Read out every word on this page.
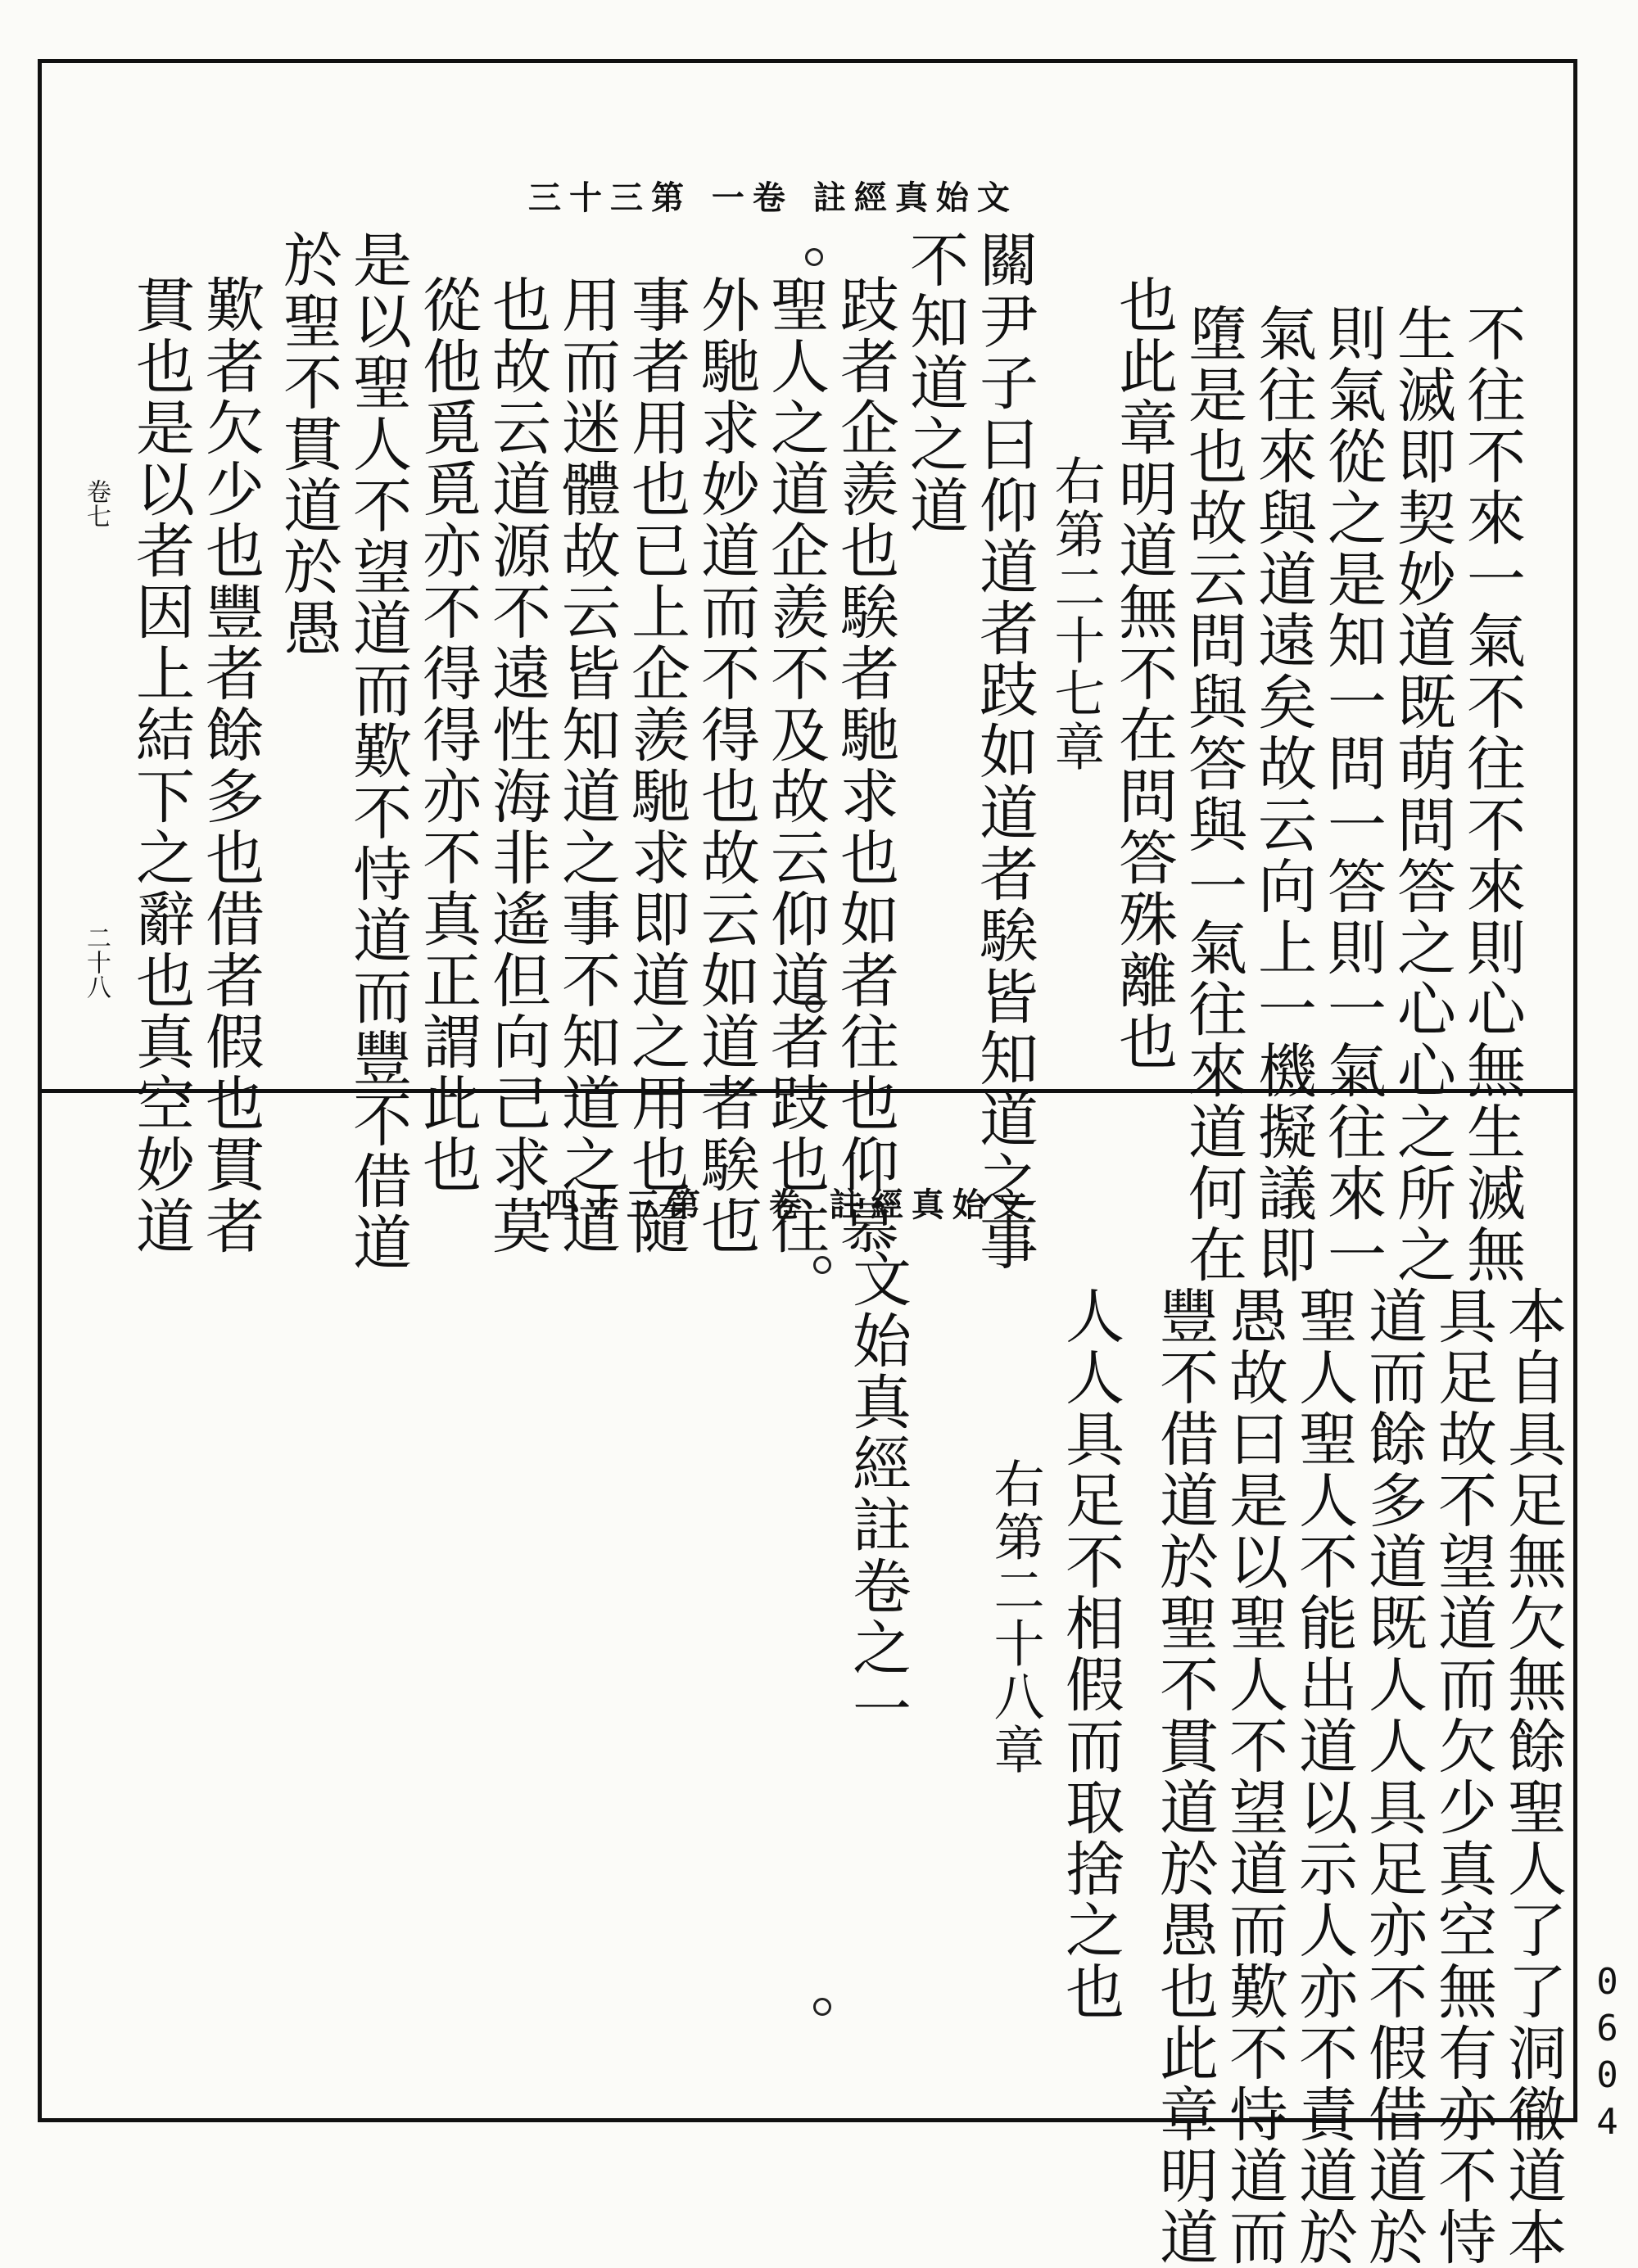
文始真經註 卷一 第三十三
不往不來一氣不往不來則心無生滅無
生滅即契妙道既萌問答之心心之所之
則氣從之是知一問一答則一氣往來一
氣往來與道遠矣故云向上一機擬議即
墮是也故云問與答與一氣往來道何在
也此章明道無不在問答殊離也
右第二十七章
關尹子曰仰道者跂如道者騃皆知道之事
不知道之道
跂者企羨也騃者馳求也如者往也仰慕
聖人之道企羨不及故云仰道者跂也往
外馳求妙道而不得也故云如道者騃也
事者用也已上企羨馳求即道之用也隨
用而迷體故云皆知道之事不知道之道
也故云道源不遠性海非遙但向己求莫
從他覓覓亦不得得亦不真正謂此也
是以聖人不望道而歎不恃道而豐不借道
於聖不貫道於愚
歎者欠少也豐者餘多也借者假也貫者
貫也是以者因上結下之辭也真空妙道
卷七
二十八
文始真經註 卷一 第三十四
本自具足無欠無餘聖人了了洞徹道本
具足故不望道而欠少真空無有亦不恃
道而餘多道既人人具足亦不假借道於
聖人聖人不能出道以示人亦不責道於
愚故曰是以聖人不望道而歎不恃道而
豐不借道於聖不貫道於愚也此章明道
人人具足不相假而取捨之也
右第二十八章
文始真經註卷之一
0604
